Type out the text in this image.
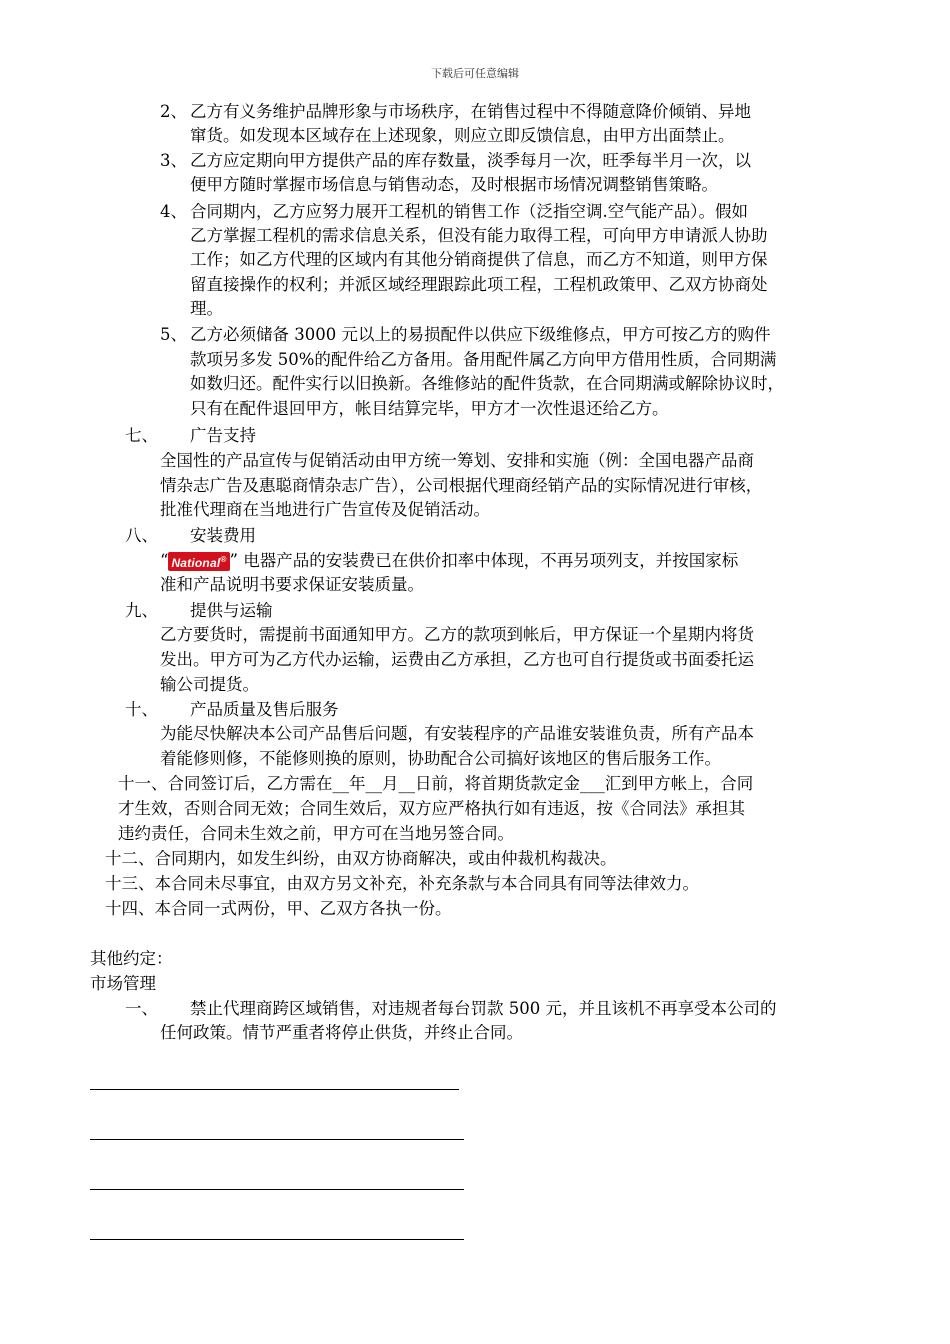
下载后可任意编辑
2、 乙方有义务维护品牌形象与市场秩序，在销售过程中不得随意降价倾销、异地
窜货。如发现本区域存在上述现象，则应立即反馈信息，由甲方出面禁止。
3、 乙方应定期向甲方提供产品的库存数量，淡季每月一次，旺季每半月一次，以
便甲方随时掌握市场信息与销售动态，及时根据市场情况调整销售策略。
4、 合同期内，乙方应努力展开工程机的销售工作（泛指空调.空气能产品）。假如
乙方掌握工程机的需求信息关系，但没有能力取得工程，可向甲方申请派人协助
工作；如乙方代理的区域内有其他分销商提供了信息，而乙方不知道，则甲方保
留直接操作的权利；并派区域经理跟踪此项工程，工程机政策甲、乙双方协商处
理。
5、 乙方必须储备 3000 元以上的易损配件以供应下级维修点，甲方可按乙方的购件
款项另多发 50%的配件给乙方备用。备用配件属乙方向甲方借用性质，合同期满
如数归还。配件实行以旧换新。各维修站的配件货款，在合同期满或解除协议时，
只有在配件退回甲方，帐目结算完毕，甲方才一次性退还给乙方。
七、 广告支持
全国性的产品宣传与促销活动由甲方统一筹划、安排和实施（例：全国电器产品商
情杂志广告及惠聪商情杂志广告），公司根据代理商经销产品的实际情况进行审核，
批准代理商在当地进行广告宣传及促销活动。
八、 安装费用
“ National® ” 电器产品的安装费已在供价扣率中体现，不再另项列支，并按国家标
准和产品说明书要求保证安装质量。
九、 提供与运输
乙方要货时，需提前书面通知甲方。乙方的款项到帐后，甲方保证一个星期内将货
发出。甲方可为乙方代办运输，运费由乙方承担，乙方也可自行提货或书面委托运
输公司提货。
十、 产品质量及售后服务
为能尽快解决本公司产品售后问题，有安装程序的产品谁安装谁负责，所有产品本
着能修则修，不能修则换的原则，协助配合公司搞好该地区的售后服务工作。
十一、合同签订后，乙方需在__年__月__日前，将首期货款定金___汇到甲方帐上，合同
才生效，否则合同无效；合同生效后，双方应严格执行如有违返，按《合同法》承担其
违约责任，合同未生效之前，甲方可在当地另签合同。
十二、合同期内，如发生纠纷，由双方协商解决，或由仲裁机构裁决。
十三、本合同未尽事宜，由双方另文补充，补充条款与本合同具有同等法律效力。
十四、本合同一式两份，甲、乙双方各执一份。
其他约定：
市场管理
一、 禁止代理商跨区域销售，对违规者每台罚款 500 元，并且该机不再享受本公司的
任何政策。情节严重者将停止供货，并终止合同。
